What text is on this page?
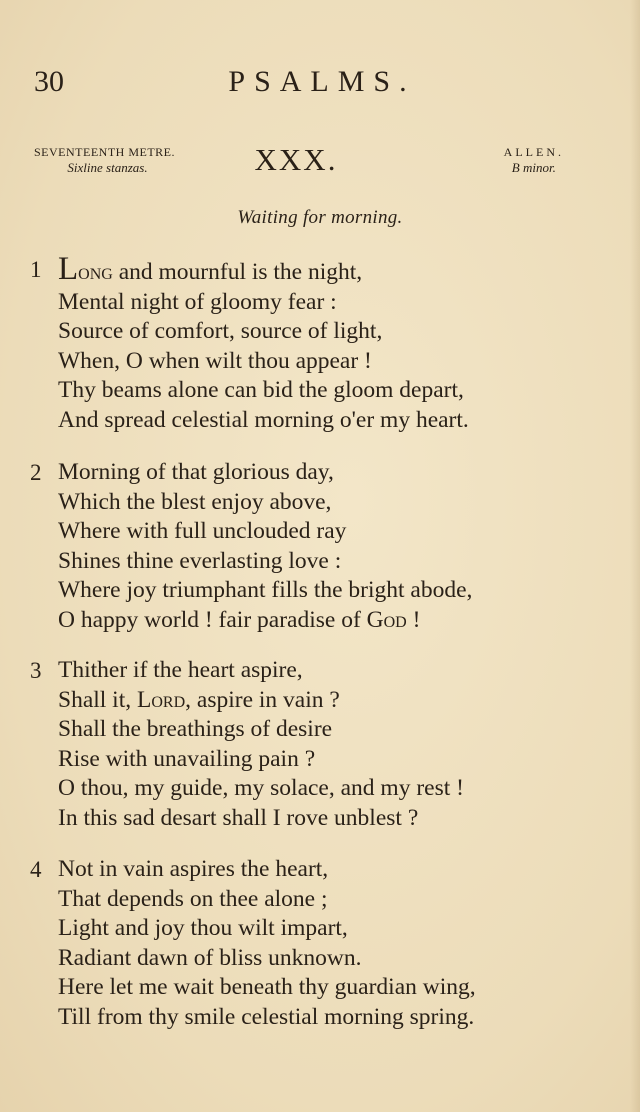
30	PSALMS.
SEVENTEENTH METRE.
Sixline stanzas.	XXX.	ALLEN.
B minor.
Waiting for morning.
1 Long and mournful is the night,
Mental night of gloomy fear :
Source of comfort, source of light,
When, O when wilt thou appear !
Thy beams alone can bid the gloom depart,
And spread celestial morning o'er my heart.
2 Morning of that glorious day,
Which the blest enjoy above,
Where with full unclouded ray
Shines thine everlasting love :
Where joy triumphant fills the bright abode,
O happy world ! fair paradise of God !
3 Thither if the heart aspire,
Shall it, Lord, aspire in vain ?
Shall the breathings of desire
Rise with unavailing pain ?
O thou, my guide, my solace, and my rest !
In this sad desart shall I rove unblest ?
4 Not in vain aspires the heart,
That depends on thee alone ;
Light and joy thou wilt impart,
Radiant dawn of bliss unknown.
Here let me wait beneath thy guardian wing,
Till from thy smile celestial morning spring.
